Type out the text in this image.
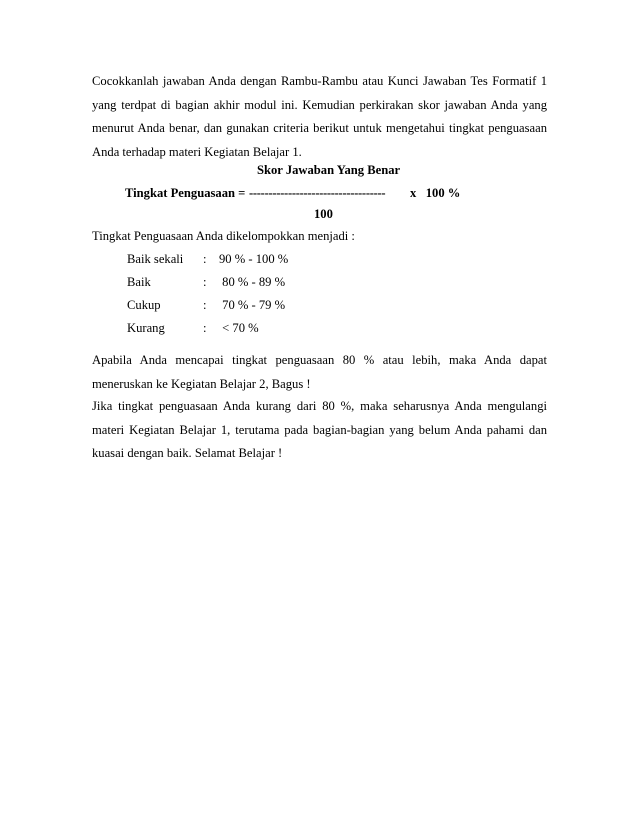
Cocokkanlah jawaban Anda dengan Rambu-Rambu atau Kunci Jawaban Tes Formatif 1 yang terdpat di bagian akhir modul ini. Kemudian perkirakan skor jawaban Anda yang menurut Anda benar, dan gunakan criteria berikut untuk mengetahui tingkat penguasaan Anda terhadap materi Kegiatan Belajar 1.

Skor Jawaban Yang Benar
Tingkat Penguasaan = ----------------------------------- x   100 %
100
Tingkat Penguasaan Anda dikelompokkan menjadi :
Baik sekali	: 90 % - 100 %
Baik	: 80 % - 89 %
Cukup	: 70 % - 79 %
Kurang	: < 70 %

Apabila Anda mencapai tingkat penguasaan 80 % atau lebih, maka Anda dapat meneruskan ke Kegiatan Belajar 2, Bagus !

Jika tingkat penguasaan Anda kurang dari 80 %, maka seharusnya Anda mengulangi materi Kegiatan Belajar 1, terutama pada bagian-bagian yang belum Anda pahami dan kuasai dengan baik. Selamat Belajar !
